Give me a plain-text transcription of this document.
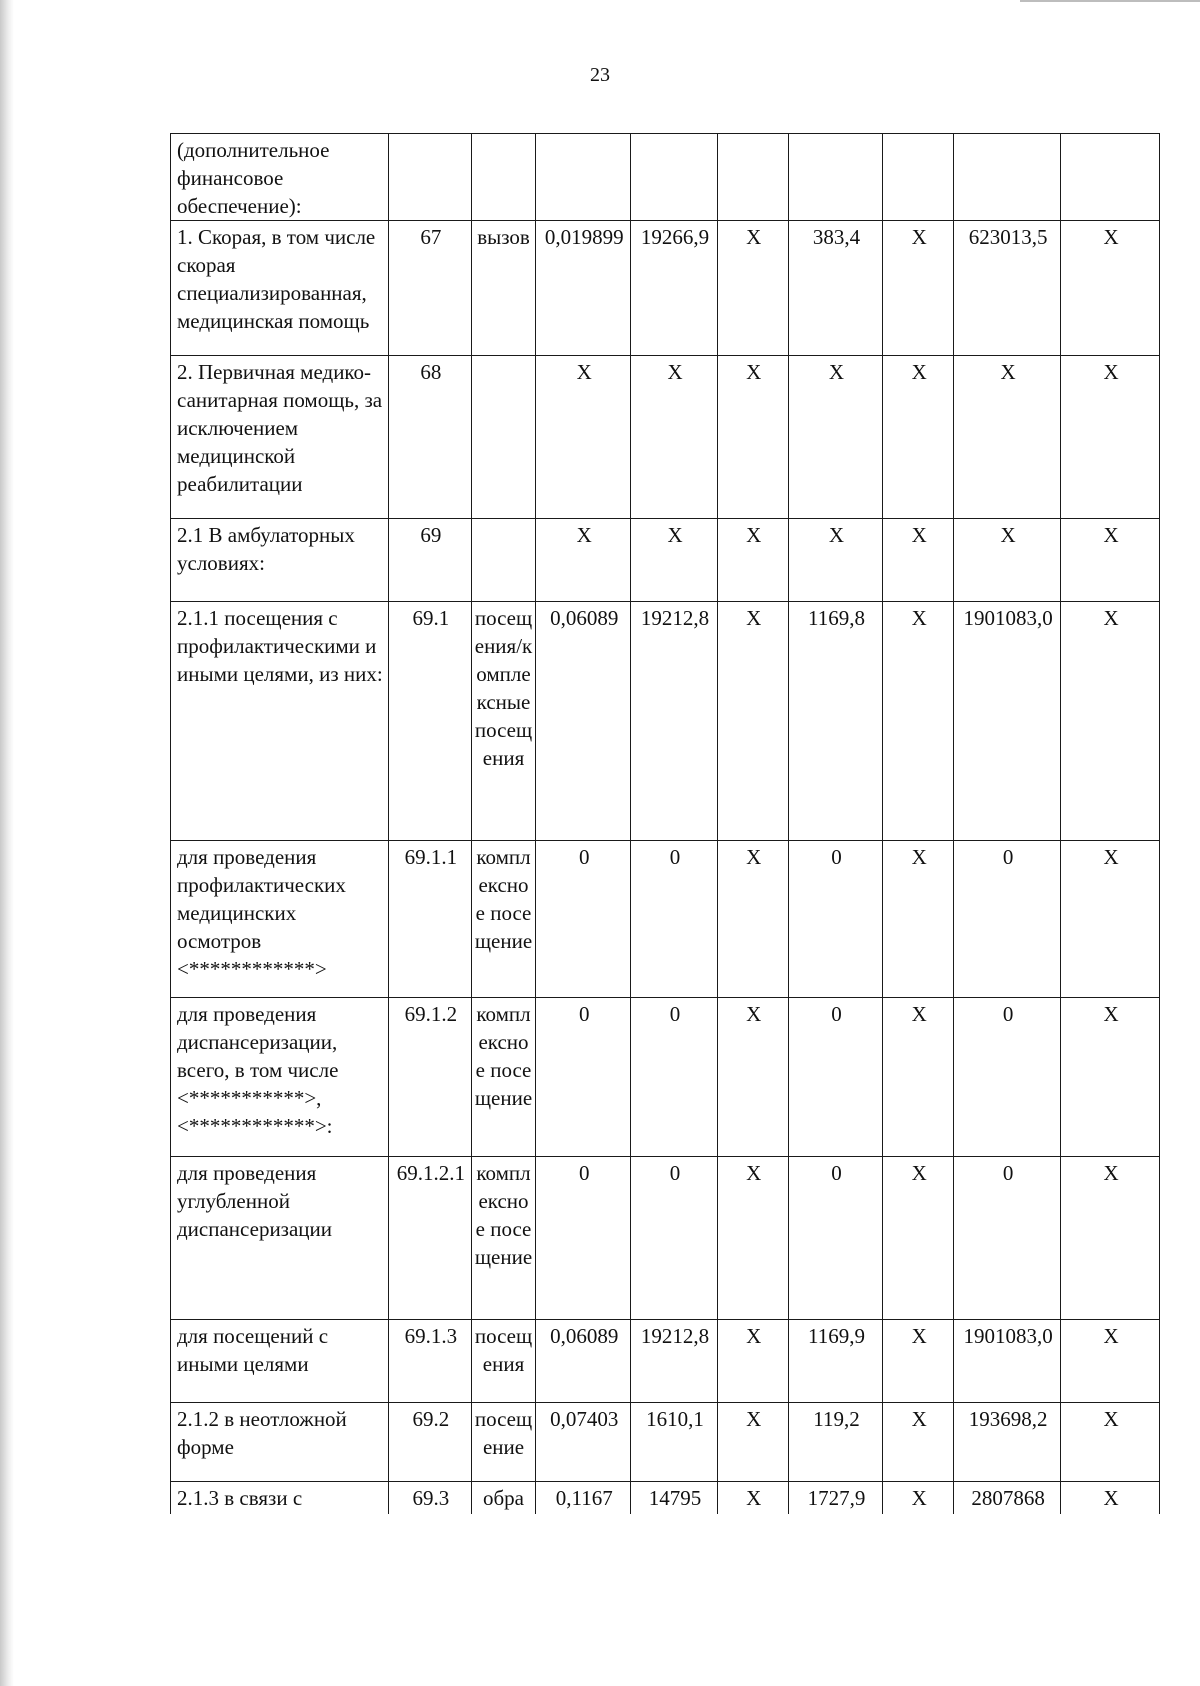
23
(дополнительное финансовое обеспечение):									
1. Скорая, в том числе скорая специализированная, медицинская помощь	67	вызов	0,019899	19266,9	X	383,4	X	623013,5	X
2. Первичная медико-санитарная помощь, за исключением медицинской реабилитации	68		X	X	X	X	X	X	X
2.1 В амбулаторных условиях:	69		X	X	X	X	X	X	X
2.1.1 посещения с профилактическими и иными целями, из них:	69.1	посещения/комплексные посещения	0,06089	19212,8	X	1169,8	X	1901083,0	X
для проведения профилактических медицинских осмотров <************>	69.1.1	комплексное посещение	0	0	X	0	X	0	X
для проведения диспансеризации, всего, в том числе <***********>, <************>:	69.1.2	комплексное посещение	0	0	X	0	X	0	X
для проведения углубленной диспансеризации	69.1.2.1	комплексное посещение	0	0	X	0	X	0	X
для посещений с иными целями	69.1.3	посещения	0,06089	19212,8	X	1169,9	X	1901083,0	X
2.1.2 в неотложной форме	69.2	посещение	0,07403	1610,1	X	119,2	X	193698,2	X
2.1.3 в связи с	69.3	обра	0,1167	14795	X	1727,9	X	2807868	X
